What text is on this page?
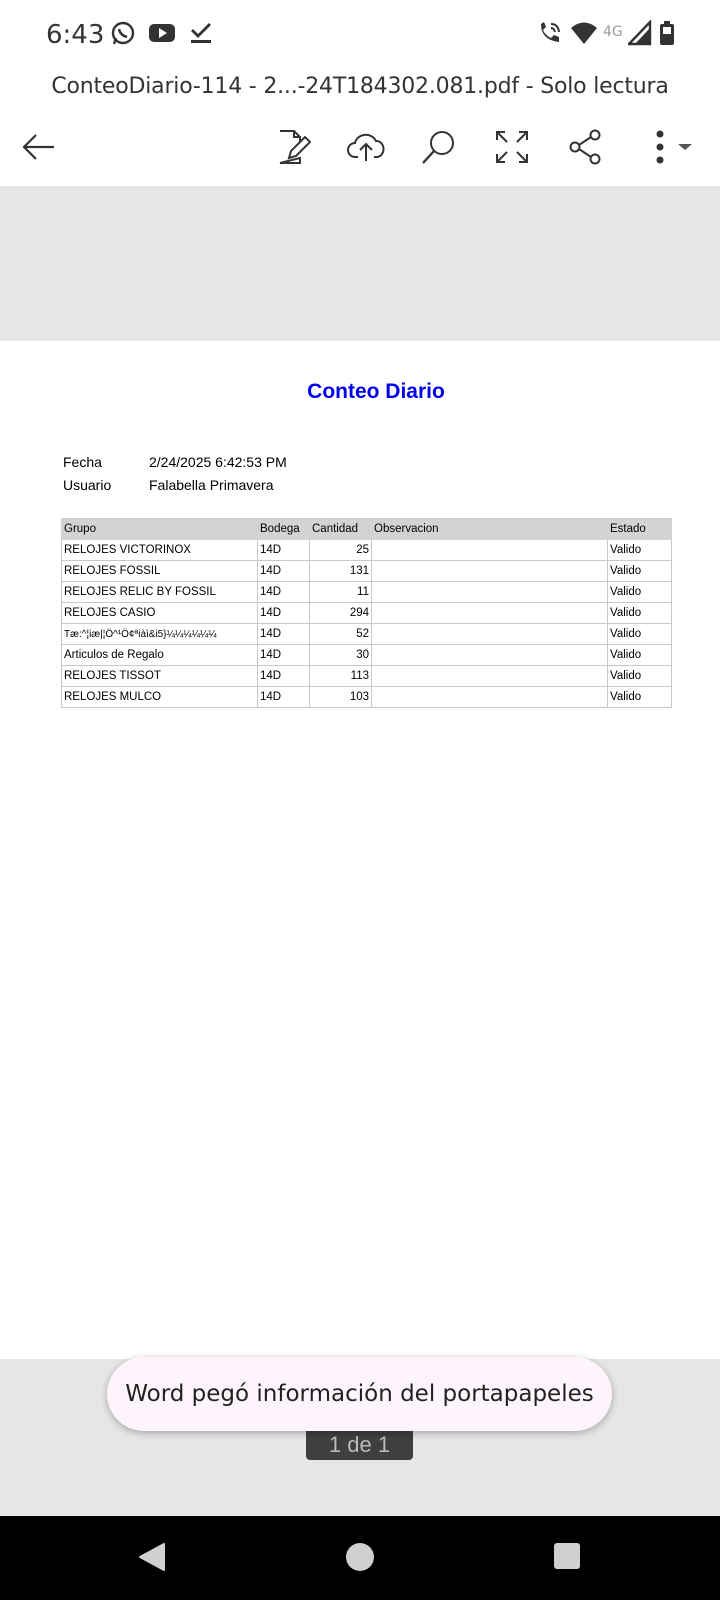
6:43	4G
ConteoDiario-114 - 2...-24T184302.081.pdf - Solo lectura
Conteo Diario
Fecha	2/24/2025 6:42:53 PM
Usuario	Falabella Primavera
Grupo	Bodega	Cantidad	Observacion	Estado
RELOJES VICTORINOX	14D	25		Valido
RELOJES FOSSIL	14D	131		Valido
RELOJES RELIC BY FOSSIL	14D	11		Valido
RELOJES CASIO	14D	294		Valido
Tæ:^¦iæ|¦Ö^¹Ö¢ªiàì&i5}¼¼¼¼¼¼	14D	52		Valido
Articulos de Regalo	14D	30		Valido
RELOJES TISSOT	14D	113		Valido
RELOJES MULCO	14D	103		Valido
1 de 1
Word pegó información del portapapeles
